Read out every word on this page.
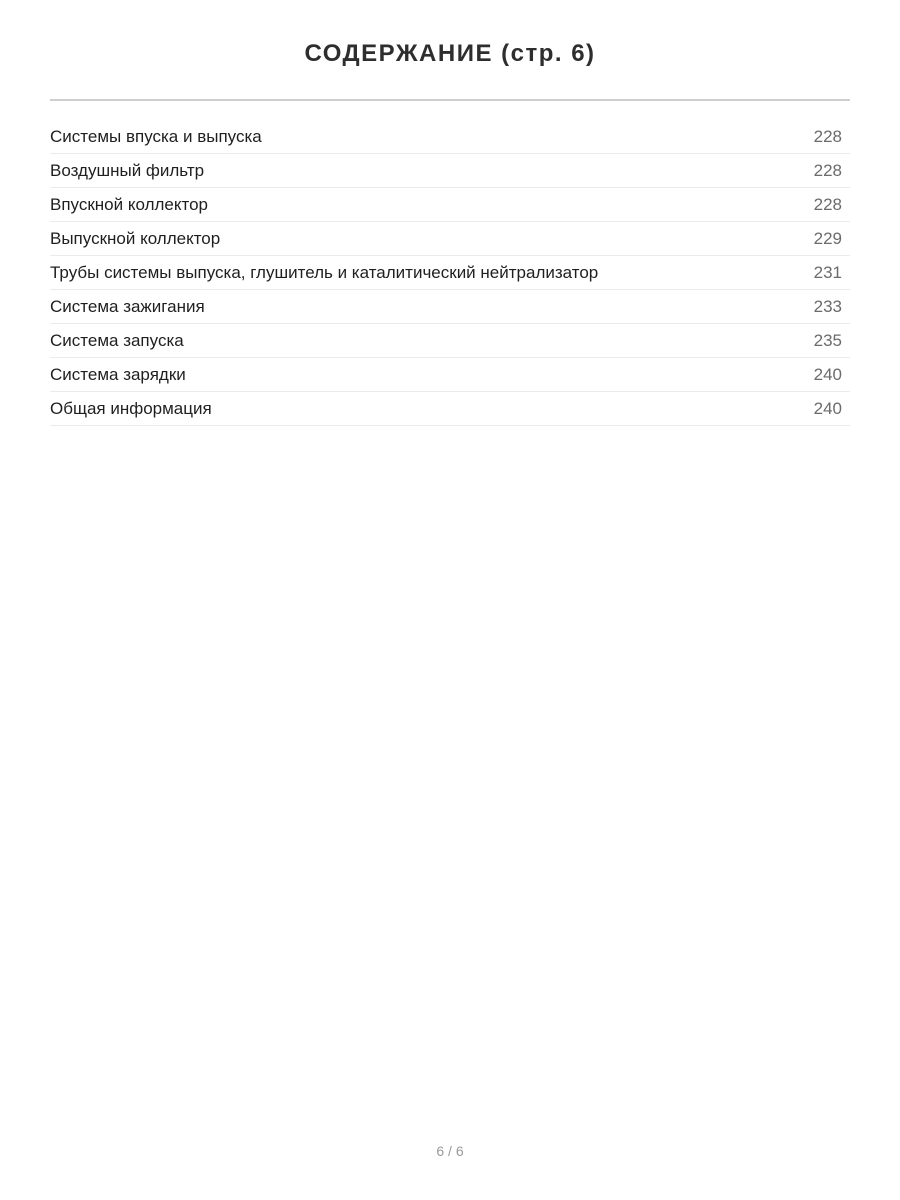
СОДЕРЖАНИЕ (стр. 6)
Системы впуска и выпуска	228
Воздушный фильтр	228
Впускной коллектор	228
Выпускной коллектор	229
Трубы системы выпуска, глушитель и каталитический нейтрализатор	231
Система зажигания	233
Система запуска	235
Система зарядки	240
Общая информация	240
6 / 6
